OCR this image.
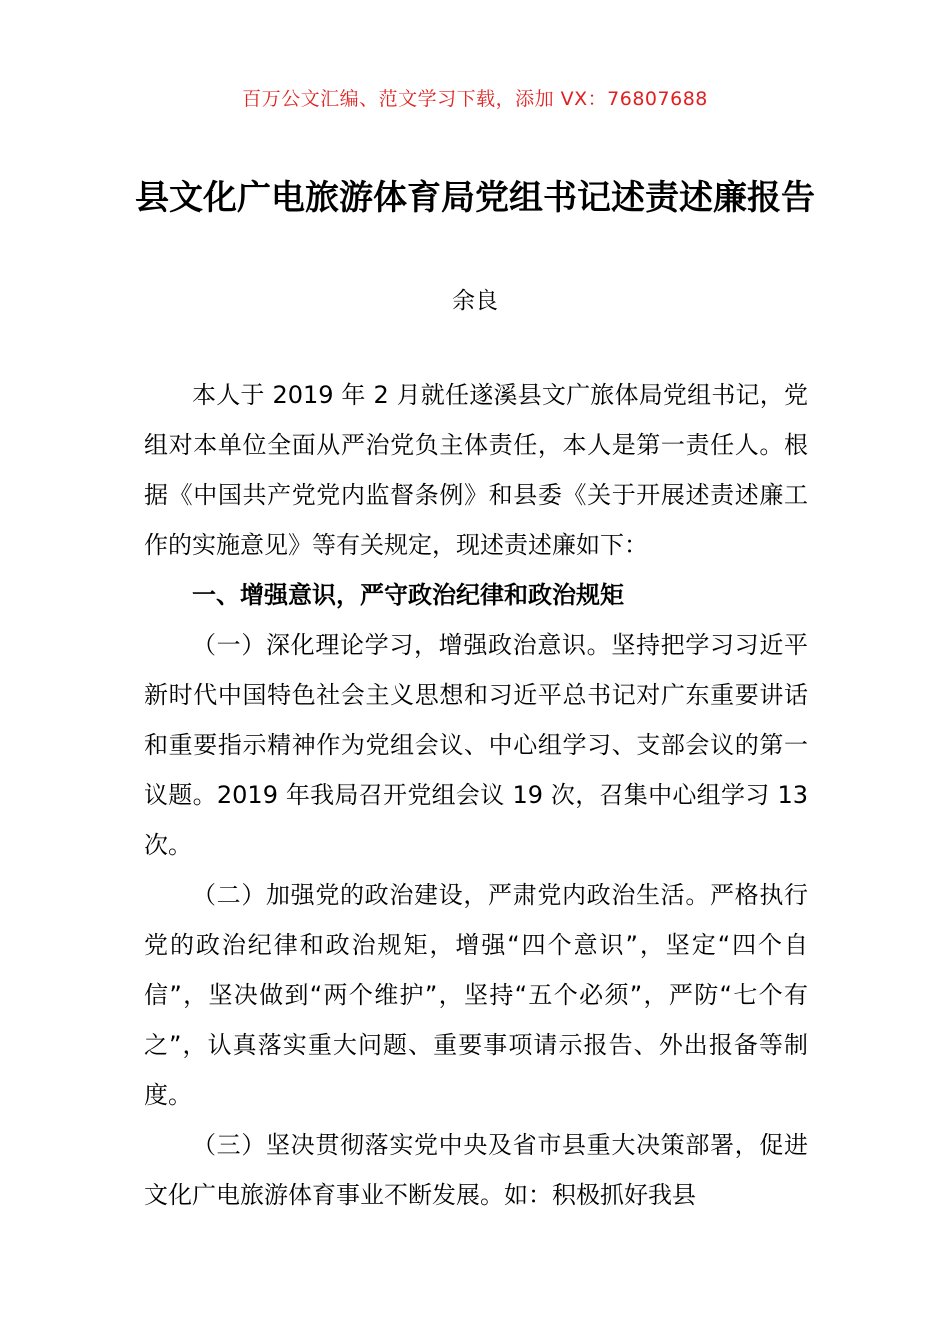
百万公文汇编、范文学习下载，添加 VX：76807688
县文化广电旅游体育局党组书记述责述廉报告
余良

本人于 2019 年 2 月就任遂溪县文广旅体局党组书记，党组对本单位全面从严治党负主体责任，本人是第一责任人。根据《中国共产党党内监督条例》和县委《关于开展述责述廉工作的实施意见》等有关规定，现述责述廉如下：

一、增强意识，严守政治纪律和政治规矩

（一）深化理论学习，增强政治意识。坚持把学习习近平新时代中国特色社会主义思想和习近平总书记对广东重要讲话和重要指示精神作为党组会议、中心组学习、支部会议的第一议题。2019 年我局召开党组会议 19 次，召集中心组学习 13 次。

（二）加强党的政治建设，严肃党内政治生活。严格执行党的政治纪律和政治规矩，增强“四个意识”，坚定“四个自信”，坚决做到“两个维护”，坚持“五个必须”，严防“七个有之”，认真落实重大问题、重要事项请示报告、外出报备等制度。

（三）坚决贯彻落实党中央及省市县重大决策部署，促进文化广电旅游体育事业不断发展。如：积极抓好我县
